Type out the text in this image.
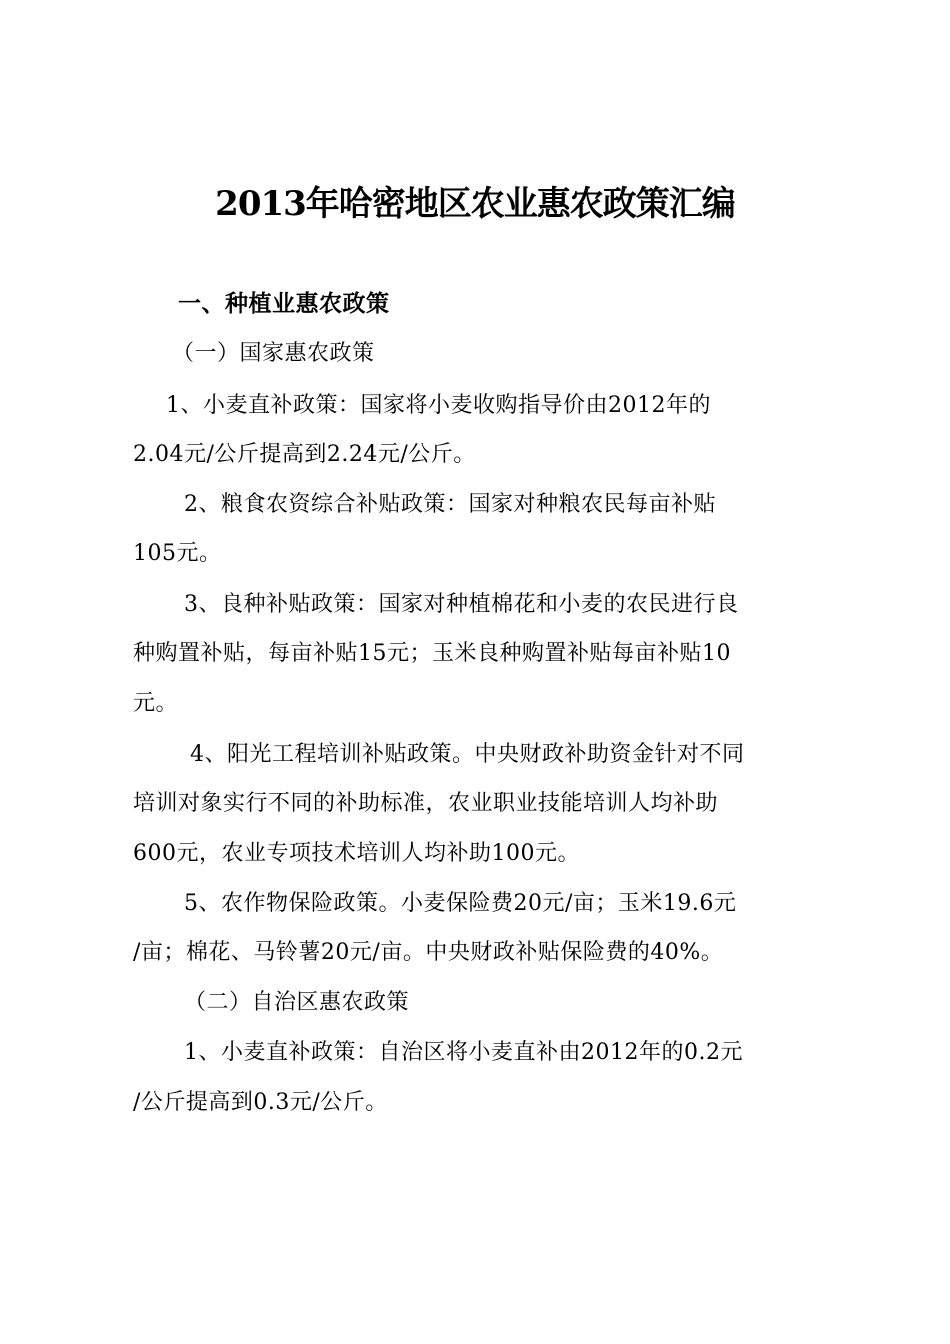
2013年哈密地区农业惠农政策汇编
一、种植业惠农政策
（一）国家惠农政策
1、小麦直补政策：国家将小麦收购指导价由2012年的
2.04元/公斤提高到2.24元/公斤。
2、粮食农资综合补贴政策：国家对种粮农民每亩补贴
105元。
3、良种补贴政策：国家对种植棉花和小麦的农民进行良
种购置补贴，每亩补贴15元；玉米良种购置补贴每亩补贴10
元。
4、阳光工程培训补贴政策。中央财政补助资金针对不同
培训对象实行不同的补助标准，农业职业技能培训人均补助
600元，农业专项技术培训人均补助100元。
5、农作物保险政策。小麦保险费20元/亩；玉米19.6元
/亩；棉花、马铃薯20元/亩。中央财政补贴保险费的40%。
（二）自治区惠农政策
1、小麦直补政策：自治区将小麦直补由2012年的0.2元
/公斤提高到0.3元/公斤。
